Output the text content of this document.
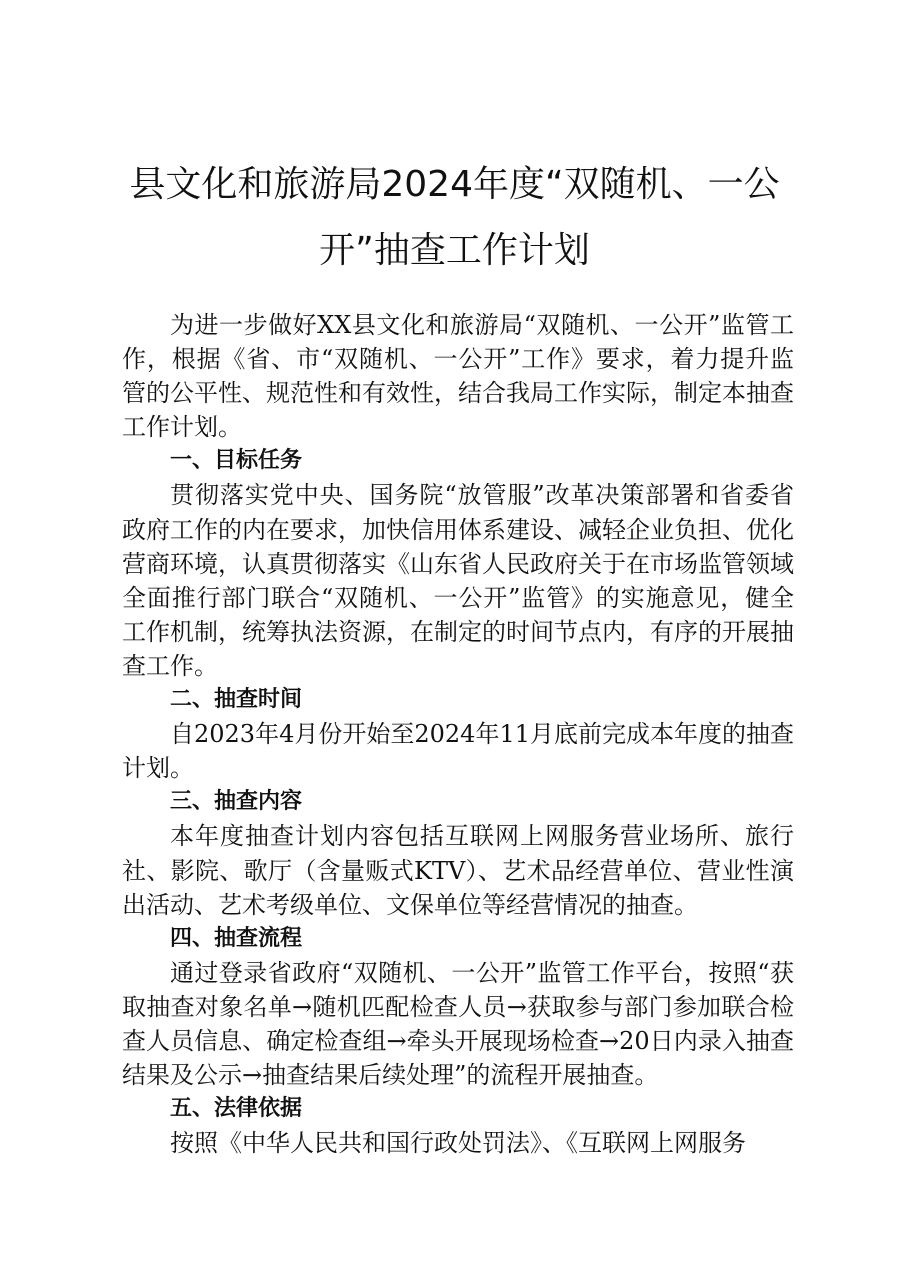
县文化和旅游局2024年度“双随机、一公
开”抽查工作计划

为进一步做好XX县文化和旅游局“双随机、一公开”监管工作，根据《省、市“双随机、一公开”工作》要求，着力提升监管的公平性、规范性和有效性，结合我局工作实际，制定本抽查工作计划。

一、目标任务

贯彻落实党中央、国务院“放管服”改革决策部署和省委省政府工作的内在要求，加快信用体系建设、减轻企业负担、优化营商环境，认真贯彻落实《山东省人民政府关于在市场监管领域全面推行部门联合“双随机、一公开”监管》的实施意见，健全工作机制，统筹执法资源，在制定的时间节点内，有序的开展抽查工作。

二、抽查时间

自2023年4月份开始至2024年11月底前完成本年度的抽查计划。

三、抽查内容

本年度抽查计划内容包括互联网上网服务营业场所、旅行社、影院、歌厅（含量贩式KTV）、艺术品经营单位、营业性演出活动、艺术考级单位、文保单位等经营情况的抽查。

四、抽查流程

通过登录省政府“双随机、一公开”监管工作平台，按照“获取抽查对象名单→随机匹配检查人员→获取参与部门参加联合检查人员信息、确定检查组→牵头开展现场检查→20日内录入抽查结果及公示→抽查结果后续处理”的流程开展抽查。

五、法律依据

按照《中华人民共和国行政处罚法》、《互联网上网服务
